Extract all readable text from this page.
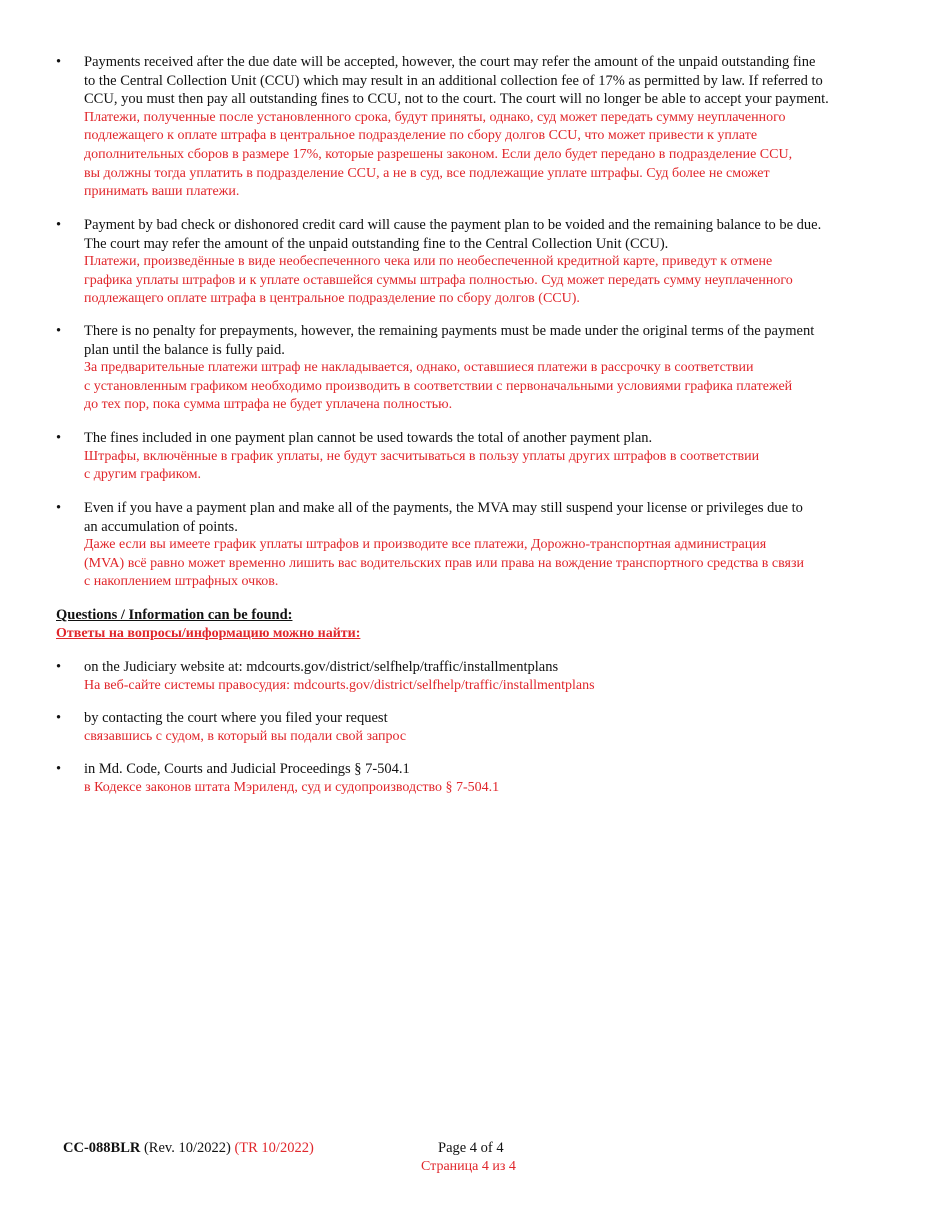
• Payments received after the due date will be accepted, however, the court may refer the amount of the unpaid outstanding fine
to the Central Collection Unit (CCU) which may result in an additional collection fee of 17% as permitted by law. If referred to
CCU, you must then pay all outstanding fines to CCU, not to the court. The court will no longer be able to accept your payment.
Платежи, полученные после установленного срока, будут приняты, однако, суд может передать сумму неуплаченного
подлежащего к оплате штрафа в центральное подразделение по сбору долгов CCU, что может привести к уплате
дополнительных сборов в размере 17%, которые разрешены законом. Если дело будет передано в подразделение CCU,
вы должны тогда уплатить в подразделение CCU, а не в суд, все подлежащие уплате штрафы. Суд более не сможет
принимать ваши платежи.
• Payment by bad check or dishonored credit card will cause the payment plan to be voided and the remaining balance to be due.
The court may refer the amount of the unpaid outstanding fine to the Central Collection Unit (CCU).
Платежи, произведённые в виде необеспеченного чека или по необеспеченной кредитной карте, приведут к отмене
графика уплаты штрафов и к уплате оставшейся суммы штрафа полностью. Суд может передать сумму неуплаченного
подлежащего оплате штрафа в центральное подразделение по сбору долгов (CCU).
• There is no penalty for prepayments, however, the remaining payments must be made under the original terms of the payment
plan until the balance is fully paid.
За предварительные платежи штраф не накладывается, однако, оставшиеся платежи в рассрочку в соответствии
с установленным графиком необходимо производить в соответствии с первоначальными условиями графика платежей
до тех пор, пока сумма штрафа не будет уплачена полностью.
• The fines included in one payment plan cannot be used towards the total of another payment plan.
Штрафы, включённые в график уплаты, не будут засчитываться в пользу уплаты других штрафов в соответствии
с другим графиком.
• Even if you have a payment plan and make all of the payments, the MVA may still suspend your license or privileges due to
an accumulation of points.
Даже если вы имеете график уплаты штрафов и производите все платежи, Дорожно-транспортная администрация
(MVA) всё равно может временно лишить вас водительских прав или права на вождение транспортного средства в связи
с накоплением штрафных очков.
Questions / Information can be found:
Ответы на вопросы/информацию можно найти:
• on the Judiciary website at: mdcourts.gov/district/selfhelp/traffic/installmentplans
На веб-сайте системы правосудия: mdcourts.gov/district/selfhelp/traffic/installmentplans
• by contacting the court where you filed your request
связавшись с судом, в который вы подали свой запрос
• in Md. Code, Courts and Judicial Proceedings § 7-504.1
в Кодексе законов штата Мэриленд, суд и судопроизводство § 7-504.1
CC-088BLR (Rev. 10/2022) (TR 10/2022)	Page 4 of 4
Страница 4 из 4
